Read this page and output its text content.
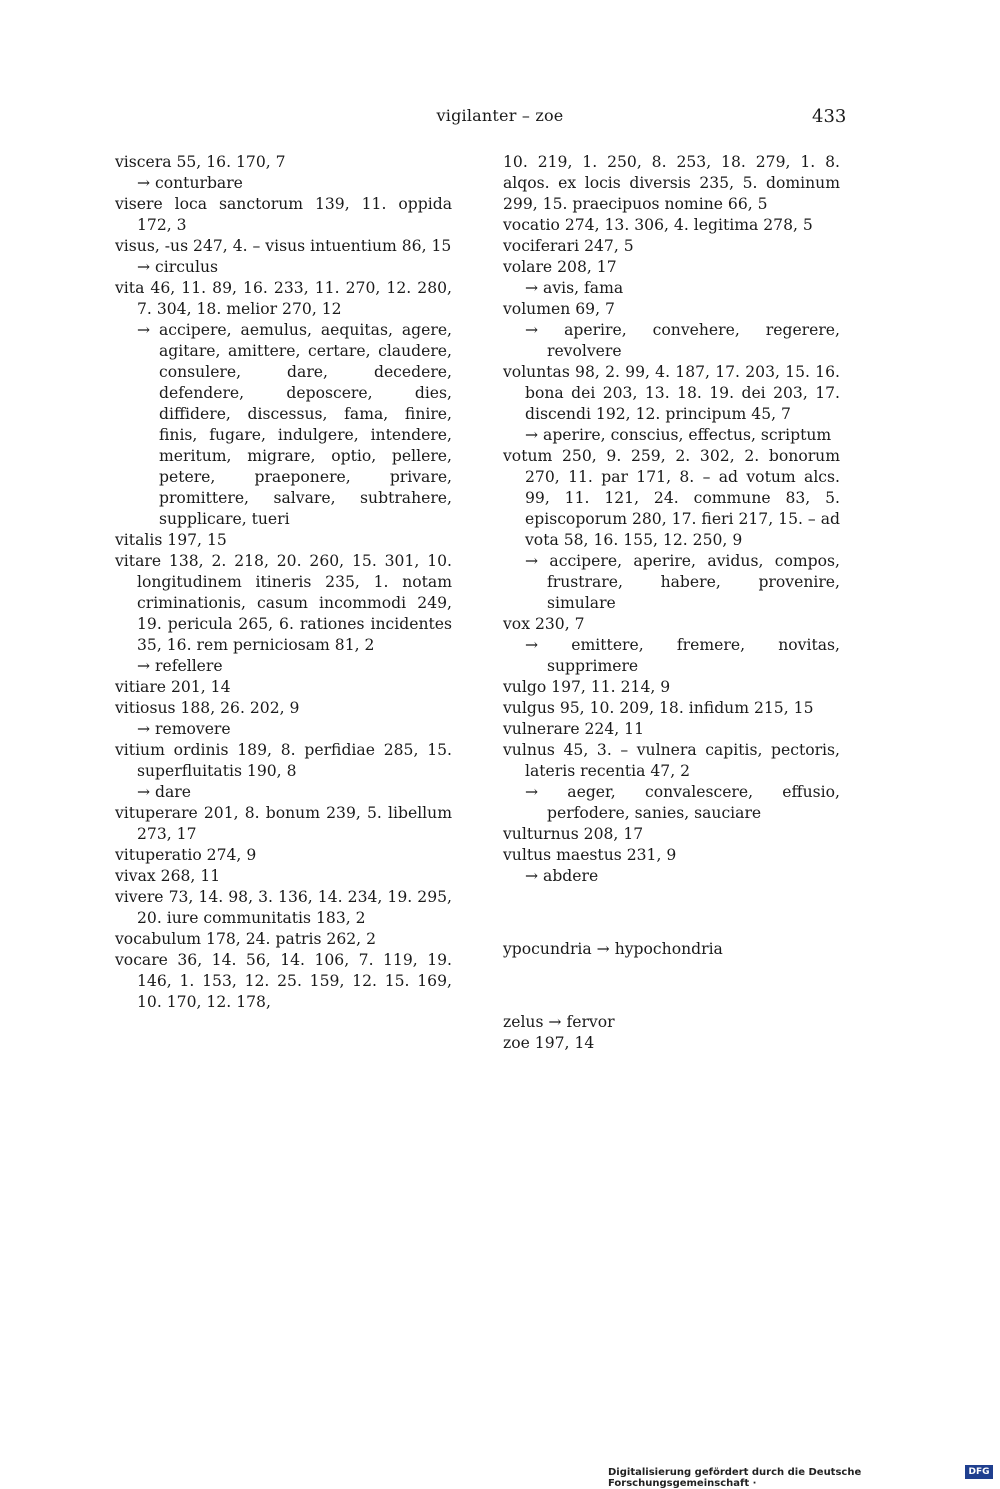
vigilanter – zoe	433

viscera 55, 16. 170, 7

→ conturbare

visere loca sanctorum 139, 11. oppida 172, 3

visus, -us 247, 4. – visus intuentium 86, 15

→ circulus

vita 46, 11. 89, 16. 233, 11. 270, 12. 280, 7. 304, 18. melior 270, 12

→ accipere, aemulus, aequitas, agere, agitare, amittere, certare, claudere, consulere, dare, decedere, defendere, deposcere, dies, diffidere, discessus, fama, finire, finis, fugare, indulgere, intendere, meritum, migrare, optio, pellere, petere, praeponere, privare, promittere, salvare, subtrahere, supplicare, tueri

vitalis 197, 15

vitare 138, 2. 218, 20. 260, 15. 301, 10. longitudinem itineris 235, 1. notam criminationis, casum incommodi 249, 19. pericula 265, 6. rationes incidentes 35, 16. rem perniciosam 81, 2

→ refellere

vitiare 201, 14

vitiosus 188, 26. 202, 9

→ removere

vitium ordinis 189, 8. perfidiae 285, 15. superfluitatis 190, 8

→ dare

vituperare 201, 8. bonum 239, 5. libellum 273, 17

vituperatio 274, 9

vivax 268, 11

vivere 73, 14. 98, 3. 136, 14. 234, 19. 295, 20. iure communitatis 183, 2

vocabulum 178, 24. patris 262, 2

vocare 36, 14. 56, 14. 106, 7. 119, 19. 146, 1. 153, 12. 25. 159, 12. 15. 169, 10. 170, 12. 178,

10. 219, 1. 250, 8. 253, 18. 279, 1. 8. alqos. ex locis diversis 235, 5. dominum 299, 15. praecipuos nomine 66, 5

vocatio 274, 13. 306, 4. legitima 278, 5

vociferari 247, 5

volare 208, 17

→ avis, fama

volumen 69, 7

→ aperire, convehere, regerere, revolvere

voluntas 98, 2. 99, 4. 187, 17. 203, 15. 16. bona dei 203, 13. 18. 19. dei 203, 17. discendi 192, 12. principum 45, 7

→ aperire, conscius, effectus, scriptum

votum 250, 9. 259, 2. 302, 2. bonorum 270, 11. par 171, 8. – ad votum alcs. 99, 11. 121, 24. commune 83, 5. episcoporum 280, 17. fieri 217, 15. – ad vota 58, 16. 155, 12. 250, 9

→ accipere, aperire, avidus, compos, frustrare, habere, provenire, simulare

vox 230, 7

→ emittere, fremere, novitas, supprimere

vulgo 197, 11. 214, 9

vulgus 95, 10. 209, 18. infidum 215, 15

vulnerare 224, 11

vulnus 45, 3. – vulnera capitis, pectoris, lateris recentia 47, 2

→ aeger, convalescere, effusio, perfodere, sanies, sauciare

vulturnus 208, 17

vultus maestus 231, 9

→ abdere

ypocundria → hypochondria

zelus → fervor

zoe 197, 14

Digitalisierung gefördert durch die Deutsche Forschungsgemeinschaft ·
DFG
